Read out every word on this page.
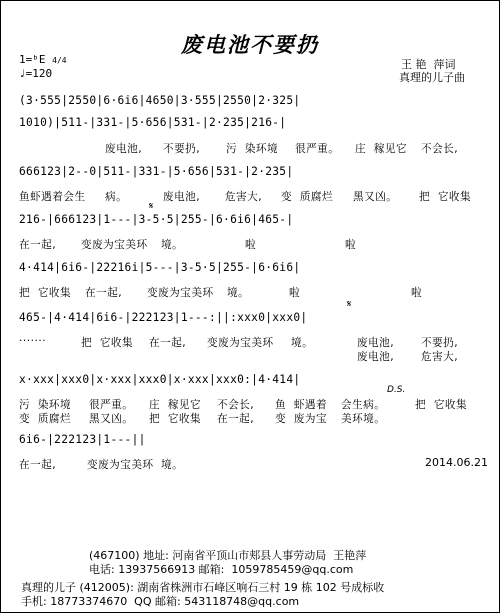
废电池不要扔
王 艳  萍词
真理的儿子曲
1=ᵇE 4/4
♩=120
(3·555|2550|6·6i6|4650|3·555|2550|2·325|
1010)|511-|331-|5·656|531-|2·235|216-|
废电池, 不要扔, 污  染环境 很严重。 庄  稼见它 不会长,
666123|2--0|511-|331-|5·656|531-|2·235|
鱼虾遇着会生 病。	废电池, 危害大, 变  质腐烂 黑又凶。 把  它收集
𝄋
216-|666123|1---|3-5·5|255-|6·6i6|465-|
在一起, 变废为宝美环 境。	啦	啦
4·414|6i6-|22216i|5---|3-5·5|255-|6·6i6|
把  它收集 在一起, 变废为宝美环 境。	啦	啦
𝄋
465-|4·414|6i6-|222123|1---:||:xxx0|xxx0|
·······	把  它收集 在一起, 变废为宝美环 境。	废电池,	不要扔,
废电池,	危害大,
x·xxx|xxx0|x·xxx|xxx0|x·xxx|xxx0:|4·414|
D.S.
污  染环境 很严重。 庄  稼见它 不会长, 鱼  虾遇着 会生病。	把  它收集
变  质腐烂 黑又凶。 把  它收集 在一起, 变  废为宝 美环境。
6i6-|222123|1---||
在一起,	变废为宝美环 境。	2014.06.21
(467100) 地址: 河南省平顶山市郏县人事劳动局  王艳萍
电话: 13937566913 邮箱:  1059785459@qq.com
真理的儿子 (412005): 湖南省株洲市石峰区响石三村 19 栋 102 号成标收
手机: 18773374670  QQ 邮箱: 543118748@qq.com
